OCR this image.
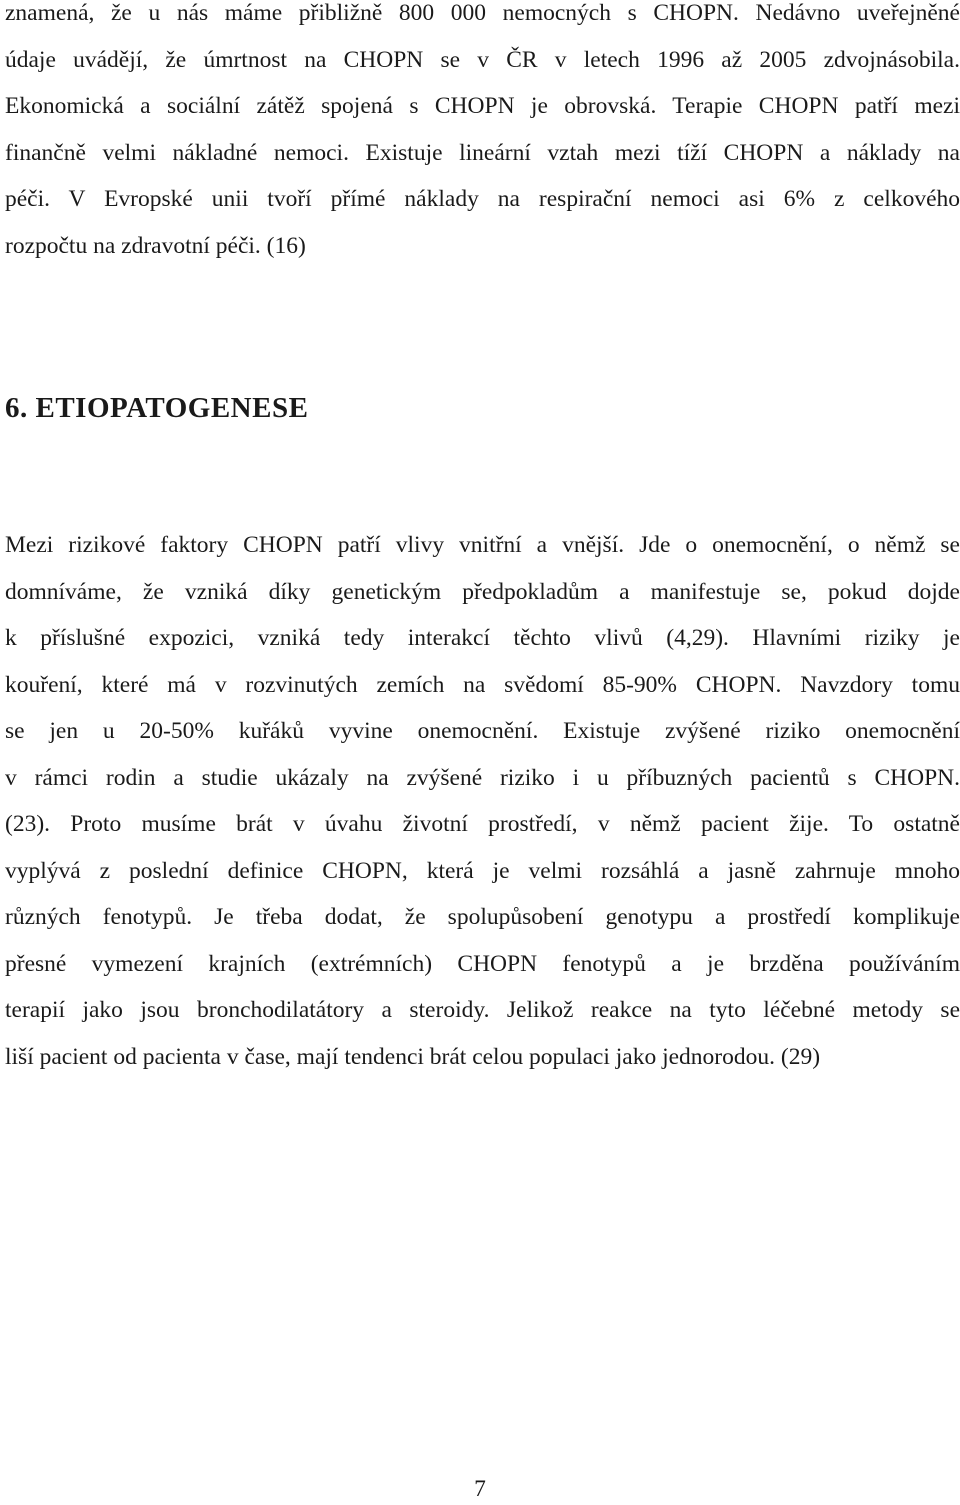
znamená, že u nás máme přibližně 800 000 nemocných s CHOPN. Nedávno uveřejněné
údaje uvádějí, že úmrtnost na CHOPN se v ČR v letech 1996 až 2005 zdvojnásobila.
Ekonomická a sociální zátěž spojená s CHOPN je obrovská. Terapie CHOPN patří mezi
finančně velmi nákladné nemoci. Existuje lineární vztah mezi tíží CHOPN a náklady na
péči. V Evropské unii tvoří přímé náklady na respirační nemoci asi 6% z celkového
rozpočtu na zdravotní péči. (16)

6. ETIOPATOGENESE

Mezi rizikové faktory CHOPN patří vlivy vnitřní a vnější. Jde o onemocnění, o němž se
domníváme, že vzniká díky genetickým předpokladům a manifestuje se, pokud dojde
k příslušné expozici, vzniká tedy interakcí těchto vlivů (4,29). Hlavními riziky je
kouření, které má v rozvinutých zemích na svědomí 85-90% CHOPN. Navzdory tomu
se jen u 20-50% kuřáků vyvine onemocnění. Existuje zvýšené riziko onemocnění
v rámci rodin a studie ukázaly na zvýšené riziko i u příbuzných pacientů s CHOPN.
(23). Proto musíme brát v úvahu životní prostředí, v němž pacient žije. To ostatně
vyplývá z poslední definice CHOPN, která je velmi rozsáhlá a jasně zahrnuje mnoho
různých fenotypů. Je třeba dodat, že spolupůsobení genotypu a prostředí komplikuje
přesné vymezení krajních (extrémních) CHOPN fenotypů a je brzděna používáním
terapií jako jsou bronchodilatátory a steroidy. Jelikož reakce na tyto léčebné metody se
liší pacient od pacienta v čase, mají tendenci brát celou populaci jako jednorodou. (29)

7
